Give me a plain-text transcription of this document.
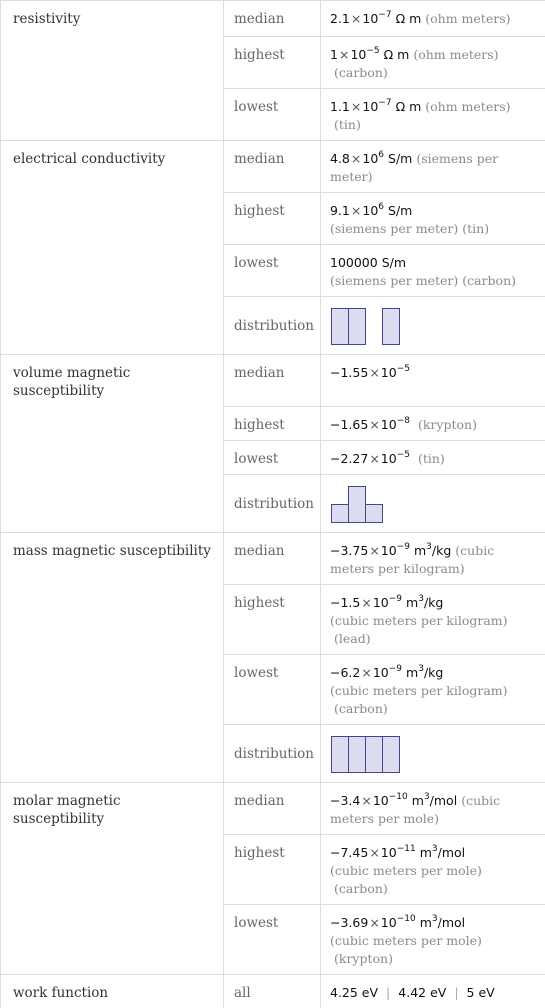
resistivity	median	$2.1\times 10^{-7}$ Ω m (ohm meters)
	highest	$1\times 10^{-5}$ Ω m (ohm meters)
(carbon)
	lowest	$1.1\times 10^{-7}$ Ω m (ohm meters)
(tin)
electrical conductivity	median	$4.8\times 10^6$ S/m (siemens per meter)
	highest	$9.1\times 10^6$ S/m
(siemens per meter) (tin)
	lowest	100000 S/m
(siemens per meter) (carbon)
	distribution	

volume magnetic susceptibility	median	$-1.55\times 10^{-5}$
	highest	$-1.65\times 10^{-8}$ (krypton)
	lowest	$-2.27\times 10^{-5}$ (tin)
	distribution	

mass magnetic susceptibility	median	$-3.75\times 10^{-9}$ $m^3/kg$ (cubic meters per kilogram)
	highest	$-1.5\times 10^{-9}$ $m^3/kg$
(cubic meters per kilogram)
(lead)
	lowest	$-6.2\times 10^{-9}$ $m^3/kg$
(cubic meters per kilogram)
(carbon)
	distribution	

molar magnetic susceptibility	median	$-3.4\times 10^{-10}$ $m^3$/mol (cubic meters per mole)
	highest	$-7.45\times 10^{-11}$ $m^3$/mol
(cubic meters per mole)
(carbon)
	lowest	$-3.69\times 10^{-10}$ $m^3$/mol
(cubic meters per mole)
(krypton)
work function	all	4.25 eV | 4.42 eV | 5 eV
